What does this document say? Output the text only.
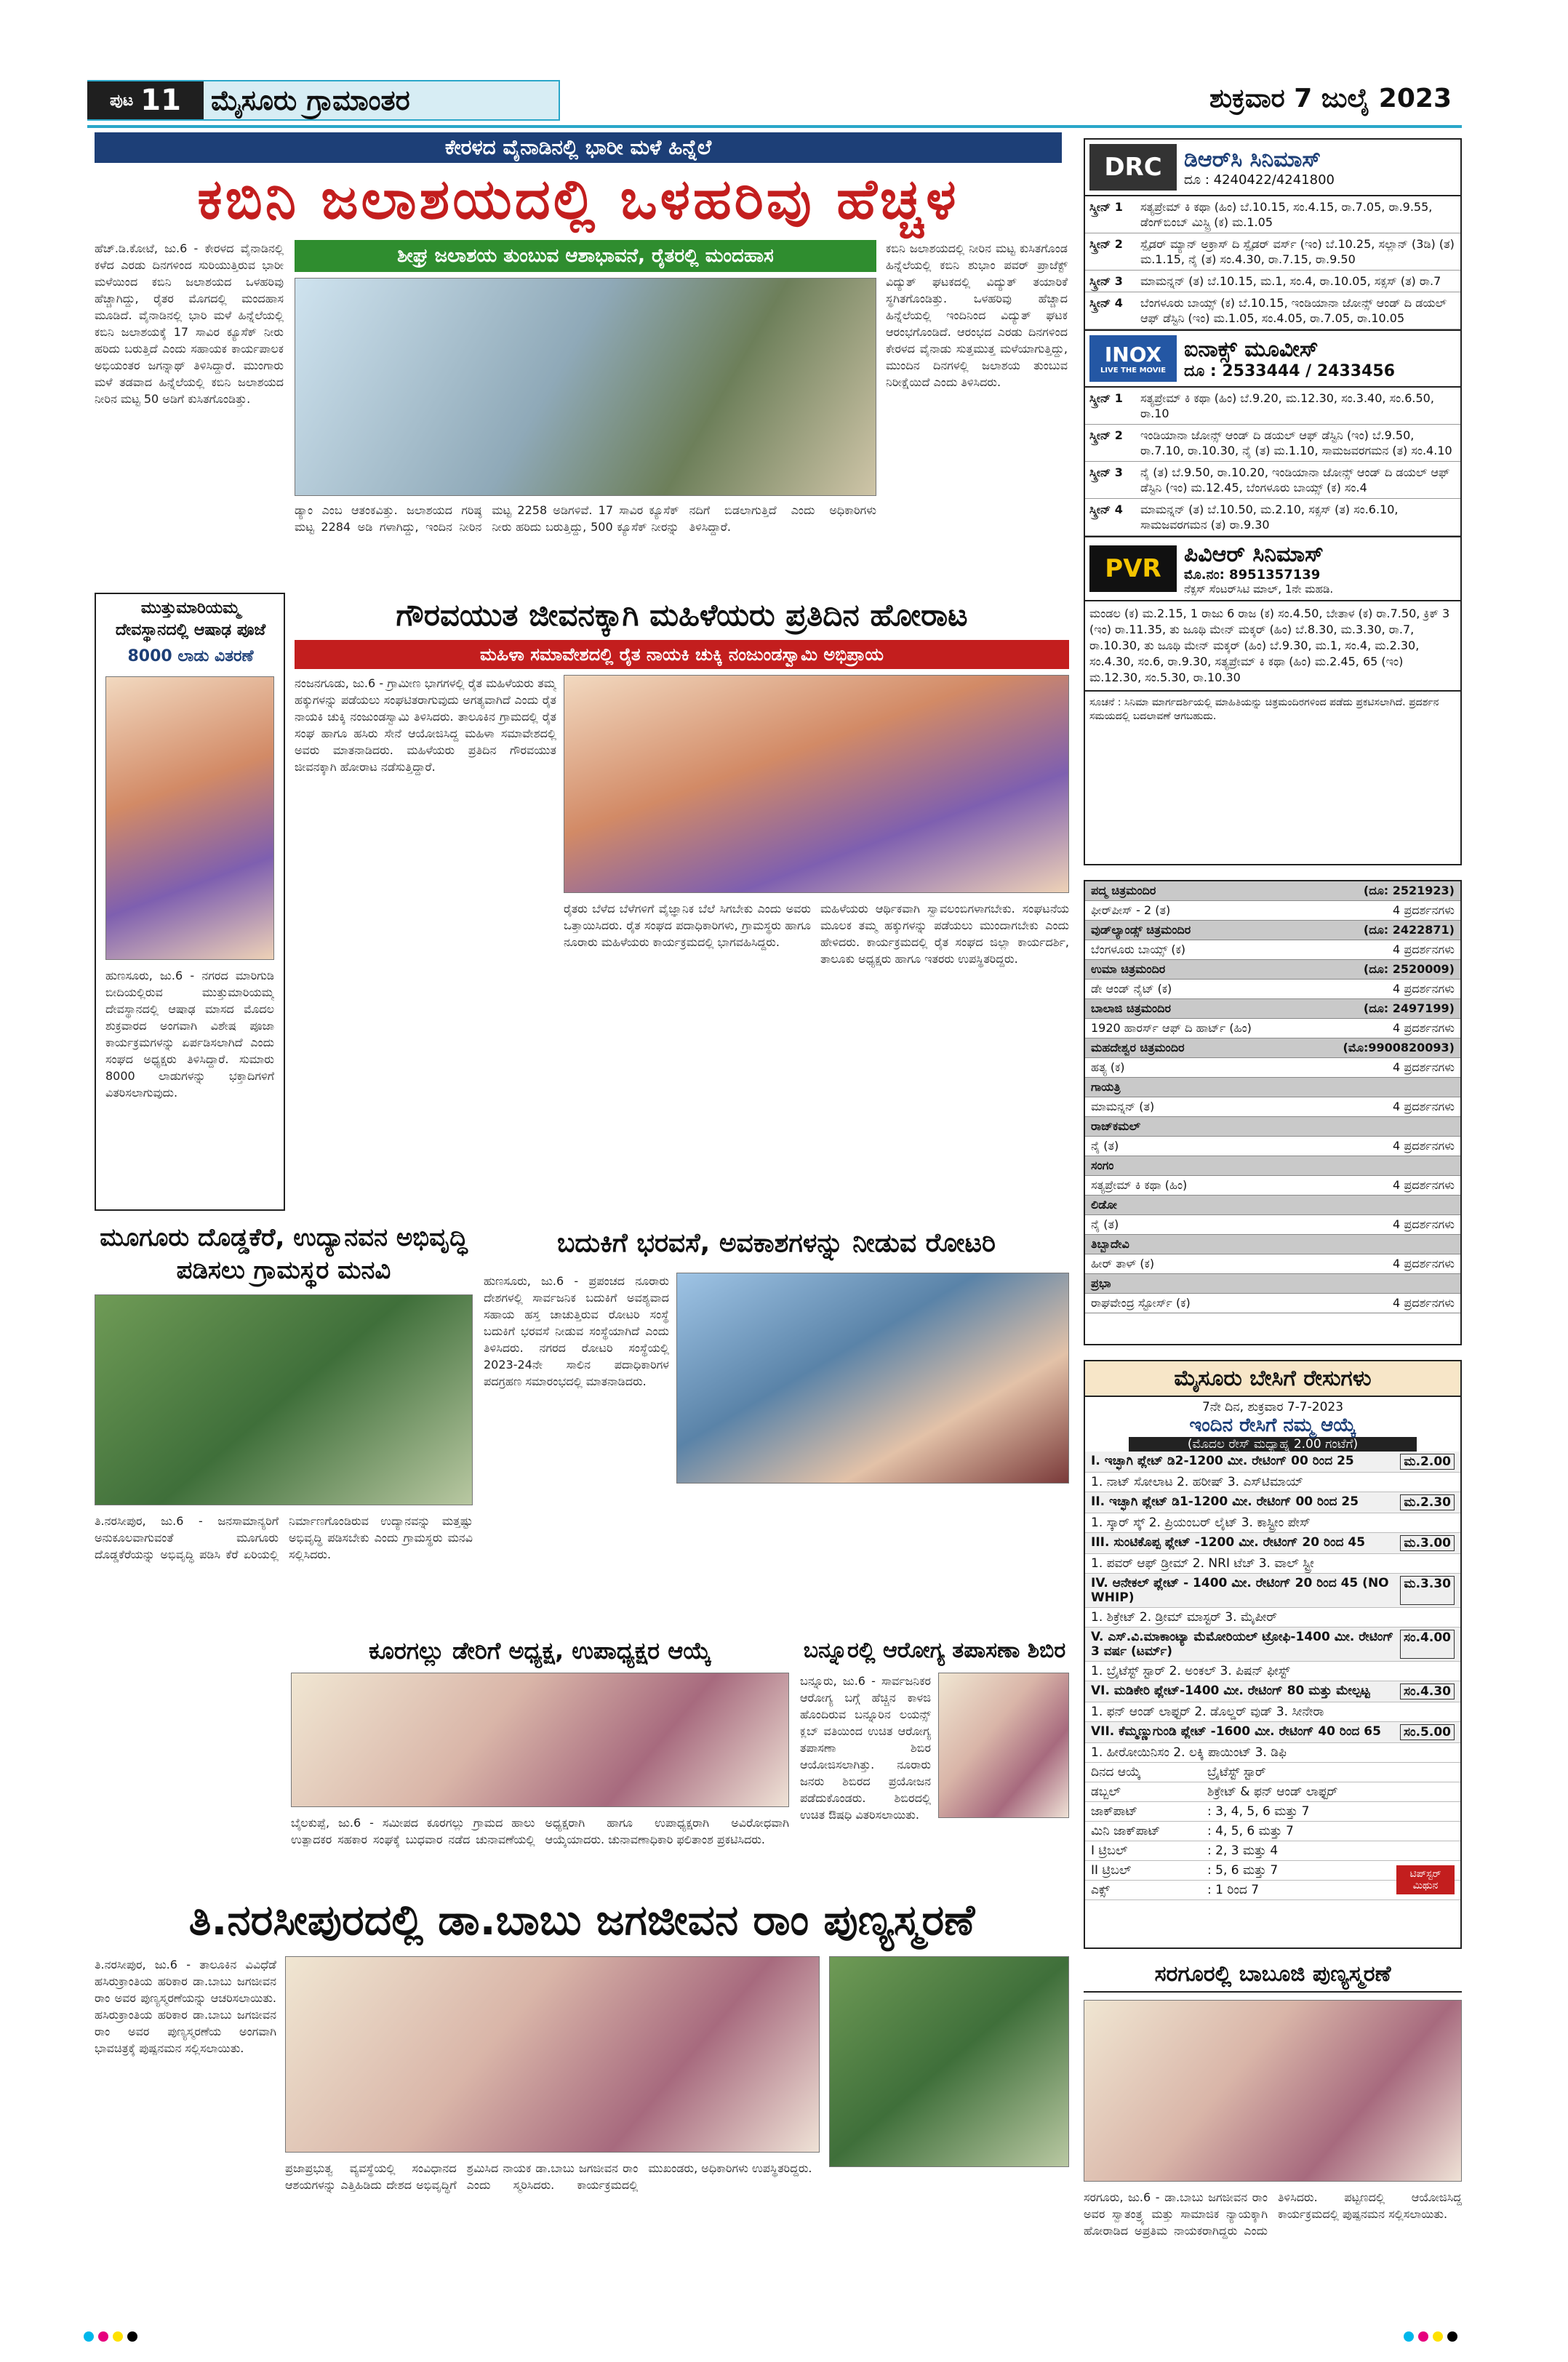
ಪುಟ 11 ಮೈಸೂರು ಗ್ರಾಮಾಂತರ	ಶುಕ್ರವಾರ 7 ಜುಲೈ 2023
ಕೇರಳದ ವೈನಾಡಿನಲ್ಲಿ ಭಾರೀ ಮಳೆ ಹಿನ್ನೆಲೆ
ಕಬಿನಿ ಜಲಾಶಯದಲ್ಲಿ ಒಳಹರಿವು ಹೆಚ್ಚಳ
ಹೆಚ್.ಡಿ.ಕೋಟೆ, ಜು.6 - ಕೇರಳದ ವೈನಾಡಿನಲ್ಲಿ ಕಳೆದ ಎರಡು ದಿನಗಳಿಂದ ಸುರಿಯುತ್ತಿರುವ ಭಾರೀ ಮಳೆಯಿಂದ ಕಬಿನಿ ಜಲಾಶಯದ ಒಳಹರಿವು ಹೆಚ್ಚಾಗಿದ್ದು, ರೈತರ ಮೊಗದಲ್ಲಿ ಮಂದಹಾಸ ಮೂಡಿದೆ. ವೈನಾಡಿನಲ್ಲಿ ಭಾರಿ ಮಳೆ ಹಿನ್ನೆಲೆಯಲ್ಲಿ ಕಬಿನಿ ಜಲಾಶಯಕ್ಕೆ 17 ಸಾವಿರ ಕ್ಯೂಸೆಕ್ ನೀರು ಹರಿದು ಬರುತ್ತಿದೆ ಎಂದು ಸಹಾಯಕ ಕಾರ್ಯಪಾಲಕ ಅಭಿಯಂತರ ಜಗನ್ನಾಥ್ ತಿಳಿಸಿದ್ದಾರೆ. ಮುಂಗಾರು ಮಳೆ ತಡವಾದ ಹಿನ್ನೆಲೆಯಲ್ಲಿ ಕಬಿನಿ ಜಲಾಶಯದ ನೀರಿನ ಮಟ್ಟ 50 ಅಡಿಗೆ ಕುಸಿತಗೊಂಡಿತ್ತು.
ಶೀಘ್ರ ಜಲಾಶಯ ತುಂಬುವ ಆಶಾಭಾವನೆ, ರೈತರಲ್ಲಿ ಮಂದಹಾಸ
ಡ್ಯಾಂ ಎಂಬ ಆತಂಕವಿತ್ತು. ಜಲಾಶಯದ ಗರಿಷ್ಠ ಮಟ್ಟ 2284 ಅಡಿ ಗಳಾಗಿದ್ದು, ಇಂದಿನ ನೀರಿನ ಮಟ್ಟ 2258 ಅಡಿಗಳಿವೆ. 17 ಸಾವಿರ ಕ್ಯೂಸೆಕ್ ನೀರು ಹರಿದು ಬರುತ್ತಿದ್ದು, 500 ಕ್ಯೂಸೆಕ್ ನೀರನ್ನು ನದಿಗೆ ಬಿಡಲಾಗುತ್ತಿದೆ ಎಂದು ಅಧಿಕಾರಿಗಳು ತಿಳಿಸಿದ್ದಾರೆ.
ಕಬಿನಿ ಜಲಾಶಯದಲ್ಲಿ ನೀರಿನ ಮಟ್ಟ ಕುಸಿತಗೊಂಡ ಹಿನ್ನೆಲೆಯಲ್ಲಿ ಕಬಿನಿ ಶುಭಾಂ ಪವರ್ ಪ್ರಾಜೆಕ್ಟ್ ವಿದ್ಯುತ್ ಘಟಕದಲ್ಲಿ ವಿದ್ಯುತ್ ತಯಾರಿಕೆ ಸ್ಥಗಿತಗೊಂಡಿತ್ತು. ಒಳಹರಿವು ಹೆಚ್ಚಾದ ಹಿನ್ನೆಲೆಯಲ್ಲಿ ಇಂದಿನಿಂದ ವಿದ್ಯುತ್ ಘಟಕ ಆರಂಭಗೊಂಡಿದೆ. ಆರಂಭದ ಎರಡು ದಿನಗಳಿಂದ ಕೇರಳದ ವೈನಾಡು ಸುತ್ತಮುತ್ತ ಮಳೆಯಾಗುತ್ತಿದ್ದು, ಮುಂದಿನ ದಿನಗಳಲ್ಲಿ ಜಲಾಶಯ ತುಂಬುವ ನಿರೀಕ್ಷೆಯಿದೆ ಎಂದು ತಿಳಿಸಿದರು.
ಮುತ್ತುಮಾರಿಯಮ್ಮ ದೇವಸ್ಥಾನದಲ್ಲಿ ಆಷಾಢ ಪೂಜೆ
8000 ಲಾಡು ವಿತರಣೆ
ಹುಣಸೂರು, ಜು.6 - ನಗರದ ಮಾರಿಗುಡಿ ಬೀದಿಯಲ್ಲಿರುವ ಮುತ್ತುಮಾರಿಯಮ್ಮ ದೇವಸ್ಥಾನದಲ್ಲಿ ಆಷಾಢ ಮಾಸದ ಮೊದಲ ಶುಕ್ರವಾರದ ಅಂಗವಾಗಿ ವಿಶೇಷ ಪೂಜಾ ಕಾರ್ಯಕ್ರಮಗಳನ್ನು ಏರ್ಪಡಿಸಲಾಗಿದೆ ಎಂದು ಸಂಘದ ಅಧ್ಯಕ್ಷರು ತಿಳಿಸಿದ್ದಾರೆ. ಸುಮಾರು 8000 ಲಾಡುಗಳನ್ನು ಭಕ್ತಾದಿಗಳಿಗೆ ವಿತರಿಸಲಾಗುವುದು.
ಗೌರವಯುತ ಜೀವನಕ್ಕಾಗಿ ಮಹಿಳೆಯರು ಪ್ರತಿದಿನ ಹೋರಾಟ
ಮಹಿಳಾ ಸಮಾವೇಶದಲ್ಲಿ ರೈತ ನಾಯಕಿ ಚುಕ್ಕಿ ನಂಜುಂಡಸ್ವಾಮಿ ಅಭಿಪ್ರಾಯ
ನಂಜನಗೂಡು, ಜು.6 - ಗ್ರಾಮೀಣ ಭಾಗಗಳಲ್ಲಿ ರೈತ ಮಹಿಳೆಯರು ತಮ್ಮ ಹಕ್ಕುಗಳನ್ನು ಪಡೆಯಲು ಸಂಘಟಿತರಾಗುವುದು ಅಗತ್ಯವಾಗಿದೆ ಎಂದು ರೈತ ನಾಯಕಿ ಚುಕ್ಕಿ ನಂಜುಂಡಸ್ವಾಮಿ ತಿಳಿಸಿದರು. ತಾಲೂಕಿನ ಗ್ರಾಮದಲ್ಲಿ ರೈತ ಸಂಘ ಹಾಗೂ ಹಸಿರು ಸೇನೆ ಆಯೋಜಿಸಿದ್ದ ಮಹಿಳಾ ಸಮಾವೇಶದಲ್ಲಿ ಅವರು ಮಾತನಾಡಿದರು. ಮಹಿಳೆಯರು ಪ್ರತಿದಿನ ಗೌರವಯುತ ಜೀವನಕ್ಕಾಗಿ ಹೋರಾಟ ನಡೆಸುತ್ತಿದ್ದಾರೆ.
ರೈತರು ಬೆಳೆದ ಬೆಳೆಗಳಿಗೆ ವೈಜ್ಞಾನಿಕ ಬೆಲೆ ಸಿಗಬೇಕು ಎಂದು ಅವರು ಒತ್ತಾಯಿಸಿದರು. ರೈತ ಸಂಘದ ಪದಾಧಿಕಾರಿಗಳು, ಗ್ರಾಮಸ್ಥರು ಹಾಗೂ ನೂರಾರು ಮಹಿಳೆಯರು ಕಾರ್ಯಕ್ರಮದಲ್ಲಿ ಭಾಗವಹಿಸಿದ್ದರು.
ಮಹಿಳೆಯರು ಆರ್ಥಿಕವಾಗಿ ಸ್ವಾವಲಂಬಿಗಳಾಗಬೇಕು. ಸಂಘಟನೆಯ ಮೂಲಕ ತಮ್ಮ ಹಕ್ಕುಗಳನ್ನು ಪಡೆಯಲು ಮುಂದಾಗಬೇಕು ಎಂದು ಹೇಳಿದರು. ಕಾರ್ಯಕ್ರಮದಲ್ಲಿ ರೈತ ಸಂಘದ ಜಿಲ್ಲಾ ಕಾರ್ಯದರ್ಶಿ, ತಾಲೂಕು ಅಧ್ಯಕ್ಷರು ಹಾಗೂ ಇತರರು ಉಪಸ್ಥಿತರಿದ್ದರು.
ಮೂಗೂರು ದೊಡ್ಡಕೆರೆ, ಉದ್ಯಾನವನ ಅಭಿವೃದ್ಧಿ ಪಡಿಸಲು ಗ್ರಾಮಸ್ಥರ ಮನವಿ
ತಿ.ನರಸೀಪುರ, ಜು.6 - ಜನಸಾಮಾನ್ಯರಿಗೆ ಅನುಕೂಲವಾಗುವಂತೆ ಮೂಗೂರು ದೊಡ್ಡಕೆರೆಯನ್ನು ಅಭಿವೃದ್ಧಿ ಪಡಿಸಿ ಕೆರೆ ಏರಿಯಲ್ಲಿ ನಿರ್ಮಾಣಗೊಂಡಿರುವ ಉದ್ಯಾನವನ್ನು ಮತ್ತಷ್ಟು ಅಭಿವೃದ್ಧಿ ಪಡಿಸಬೇಕು ಎಂದು ಗ್ರಾಮಸ್ಥರು ಮನವಿ ಸಲ್ಲಿಸಿದರು.
ಬದುಕಿಗೆ ಭರವಸೆ, ಅವಕಾಶಗಳನ್ನು ನೀಡುವ ರೋಟರಿ
ಹುಣಸೂರು, ಜು.6 - ಪ್ರಪಂಚದ ನೂರಾರು ದೇಶಗಳಲ್ಲಿ ಸಾರ್ವಜನಿಕ ಬದುಕಿಗೆ ಅವಶ್ಯವಾದ ಸಹಾಯ ಹಸ್ತ ಚಾಚುತ್ತಿರುವ ರೋಟರಿ ಸಂಸ್ಥೆ ಬದುಕಿಗೆ ಭರವಸೆ ನೀಡುವ ಸಂಸ್ಥೆಯಾಗಿದೆ ಎಂದು ತಿಳಿಸಿದರು. ನಗರದ ರೋಟರಿ ಸಂಸ್ಥೆಯಲ್ಲಿ 2023-24ನೇ ಸಾಲಿನ ಪದಾಧಿಕಾರಿಗಳ ಪದಗ್ರಹಣ ಸಮಾರಂಭದಲ್ಲಿ ಮಾತನಾಡಿದರು.
ಕೂರಗಲ್ಲು ಡೇರಿಗೆ ಅಧ್ಯಕ್ಷ, ಉಪಾಧ್ಯಕ್ಷರ ಆಯ್ಕೆ
ಬೈಲಕುಪ್ಪೆ, ಜು.6 - ಸಮೀಪದ ಕೂರಗಲ್ಲು ಗ್ರಾಮದ ಹಾಲು ಉತ್ಪಾದಕರ ಸಹಕಾರ ಸಂಘಕ್ಕೆ ಬುಧವಾರ ನಡೆದ ಚುನಾವಣೆಯಲ್ಲಿ ಅಧ್ಯಕ್ಷರಾಗಿ ಹಾಗೂ ಉಪಾಧ್ಯಕ್ಷರಾಗಿ ಅವಿರೋಧವಾಗಿ ಆಯ್ಕೆಯಾದರು. ಚುನಾವಣಾಧಿಕಾರಿ ಫಲಿತಾಂಶ ಪ್ರಕಟಿಸಿದರು.
ಬನ್ನೂರಲ್ಲಿ ಆರೋಗ್ಯ ತಪಾಸಣಾ ಶಿಬಿರ
ಬನ್ನೂರು, ಜು.6 - ಸಾರ್ವಜನಿಕರ ಆರೋಗ್ಯ ಬಗ್ಗೆ ಹೆಚ್ಚಿನ ಕಾಳಜಿ ಹೊಂದಿರುವ ಬನ್ನೂರಿನ ಲಯನ್ಸ್ ಕ್ಲಬ್ ವತಿಯಿಂದ ಉಚಿತ ಆರೋಗ್ಯ ತಪಾಸಣಾ ಶಿಬಿರ ಆಯೋಜಿಸಲಾಗಿತ್ತು. ನೂರಾರು ಜನರು ಶಿಬಿರದ ಪ್ರಯೋಜನ ಪಡೆದುಕೊಂಡರು. ಶಿಬಿರದಲ್ಲಿ ಉಚಿತ ಔಷಧಿ ವಿತರಿಸಲಾಯಿತು.
ತಿ.ನರಸೀಪುರದಲ್ಲಿ ಡಾ.ಬಾಬು ಜಗಜೀವನ ರಾಂ ಪುಣ್ಯಸ್ಮರಣೆ
ತಿ.ನರಸೀಪುರ, ಜು.6 - ತಾಲೂಕಿನ ವಿವಿಧೆಡೆ ಹಸಿರುಕ್ರಾಂತಿಯ ಹರಿಕಾರ ಡಾ.ಬಾಬು ಜಗಜೀವನ ರಾಂ ಅವರ ಪುಣ್ಯಸ್ಮರಣೆಯನ್ನು ಆಚರಿಸಲಾಯಿತು. ಹಸಿರುಕ್ರಾಂತಿಯ ಹರಿಕಾರ ಡಾ.ಬಾಬು ಜಗಜೀವನ ರಾಂ ಅವರ ಪುಣ್ಯಸ್ಮರಣೆಯ ಅಂಗವಾಗಿ ಭಾವಚಿತ್ರಕ್ಕೆ ಪುಷ್ಪನಮನ ಸಲ್ಲಿಸಲಾಯಿತು.
ಪ್ರಜಾಪ್ರಭುತ್ವ ವ್ಯವಸ್ಥೆಯಲ್ಲಿ ಸಂವಿಧಾನದ ಆಶಯಗಳನ್ನು ಎತ್ತಿಹಿಡಿದು ದೇಶದ ಅಭಿವೃದ್ಧಿಗೆ ಶ್ರಮಿಸಿದ ನಾಯಕ ಡಾ.ಬಾಬು ಜಗಜೀವನ ರಾಂ ಎಂದು ಸ್ಮರಿಸಿದರು. ಕಾರ್ಯಕ್ರಮದಲ್ಲಿ ಮುಖಂಡರು, ಅಧಿಕಾರಿಗಳು ಉಪಸ್ಥಿತರಿದ್ದರು.
ಸರಗೂರಲ್ಲಿ ಬಾಬೂಜಿ ಪುಣ್ಯಸ್ಮರಣೆ
ಸರಗೂರು, ಜು.6 - ಡಾ.ಬಾಬು ಜಗಜೀವನ ರಾಂ ಅವರ ಸ್ವಾತಂತ್ರ್ಯ ಮತ್ತು ಸಾಮಾಜಿಕ ನ್ಯಾಯಕ್ಕಾಗಿ ಹೋರಾಡಿದ ಅಪ್ರತಿಮ ನಾಯಕರಾಗಿದ್ದರು ಎಂದು ತಿಳಿಸಿದರು. ಪಟ್ಟಣದಲ್ಲಿ ಆಯೋಜಿಸಿದ್ದ ಕಾರ್ಯಕ್ರಮದಲ್ಲಿ ಪುಷ್ಪನಮನ ಸಲ್ಲಿಸಲಾಯಿತು.
DRC	ಡಿಆರ್‌ಸಿ ಸಿನಿಮಾಸ್
ದೂ : 4240422/4241800
ಸ್ಕ್ರೀನ್ 1	ಸತ್ಯಪ್ರೇಮ್ ಕಿ ಕಥಾ (ಹಿಂ) ಬೆ.10.15, ಸಂ.4.15, ರಾ.7.05, ರಾ.9.55, ಡೆಂಗ್‌ಬಿಂಬ್ ಮಿಸ್ಟ್ರಿ (ಕ) ಮ.1.05
ಸ್ಕ್ರೀನ್ 2	ಸ್ಪೈಡರ್ ಮ್ಯಾನ್ ಅಕ್ರಾಸ್ ದಿ ಸ್ಪೈಡರ್ ವರ್ಸ್ (ಇಂ) ಬೆ.10.25, ಸಲ್ಲಾನ್ (3ಡಿ) (ತ) ಮ.1.15, ನೈ (ತ) ಸಂ.4.30, ರಾ.7.15, ರಾ.9.50
ಸ್ಕ್ರೀನ್ 3	ಮಾಮನ್ನನ್ (ತ) ಬೆ.10.15, ಮ.1, ಸಂ.4, ರಾ.10.05, ಸಕ್ಸಸ್ (ತ) ರಾ.7
ಸ್ಕ್ರೀನ್ 4	ಬೆಂಗಳೂರು ಬಾಯ್ಸ್ (ಕ) ಬೆ.10.15, ಇಂಡಿಯಾನಾ ಜೋನ್ಸ್ ಆಂಡ್ ದಿ ಡಯಲ್ ಆಫ್ ಡೆಸ್ಟಿನಿ (ಇಂ) ಮ.1.05, ಸಂ.4.05, ರಾ.7.05, ರಾ.10.05
INOX
LIVE THE MOVIE
ಐನಾಕ್ಸ್ ಮೂವೀಸ್
ದೂ : 2533444 / 2433456
ಸ್ಕ್ರೀನ್ 1	ಸತ್ಯಪ್ರೇಮ್ ಕಿ ಕಥಾ (ಹಿಂ) ಬೆ.9.20, ಮ.12.30, ಸಂ.3.40, ಸಂ.6.50, ರಾ.10
ಸ್ಕ್ರೀನ್ 2	ಇಂಡಿಯಾನಾ ಜೋನ್ಸ್ ಆಂಡ್ ದಿ ಡಯಲ್ ಆಫ್ ಡೆಸ್ಟಿನಿ (ಇಂ) ಬೆ.9.50, ರಾ.7.10, ರಾ.10.30, ನೈ (ತ) ಮ.1.10, ಸಾಮಜವರಗಮನ (ತ) ಸಂ.4.10
ಸ್ಕ್ರೀನ್ 3	ನೈ (ತ) ಬೆ.9.50, ರಾ.10.20, ಇಂಡಿಯಾನಾ ಜೋನ್ಸ್ ಆಂಡ್ ದಿ ಡಯಲ್ ಆಫ್ ಡೆಸ್ಟಿನಿ (ಇಂ) ಮ.12.45, ಬೆಂಗಳೂರು ಬಾಯ್ಸ್ (ಕ) ಸಂ.4
ಸ್ಕ್ರೀನ್ 4	ಮಾಮನ್ನನ್ (ತ) ಬೆ.10.50, ಮ.2.10, ಸಕ್ಸಸ್ (ತ) ಸಂ.6.10, ಸಾಮಜವರಗಮನ (ತ) ರಾ.9.30
PVR	ಪಿವಿಆರ್ ಸಿನಿಮಾಸ್
ಮೊ.ನಂ: 8951357139
ನೆಕ್ಸಸ್ ಸೆಂಟರ್‌ಸಿಟಿ ಮಾಲ್, 1ನೇ ಮಹಡಿ.
ಮಂಡಲ (ಕ) ಮ.2.15, 1 ರಾಜು 6 ರಾಜ (ಕ) ಸಂ.4.50, ಬೇತಾಳ (ಕ) ರಾ.7.50, ಕ್ರಿಕ್ 3 (ಇಂ) ರಾ.11.35, ತು ಜೂಥಿ ಮೇನ್ ಮಕ್ಕರ್ (ಹಿಂ) ಬೆ.8.30, ಮ.3.30, ರಾ.7, ರಾ.10.30, ತು ಜೂಥಿ ಮೇನ್ ಮಕ್ಕರ್ (ಹಿಂ) ಬೆ.9.30, ಮ.1, ಸಂ.4, ಮ.2.30, ಸಂ.4.30, ಸಂ.6, ರಾ.9.30, ಸತ್ಯಪ್ರೇಮ್ ಕಿ ಕಥಾ (ಹಿಂ) ಮ.2.45, 65 (ಇಂ) ಮ.12.30, ಸಂ.5.30, ರಾ.10.30
ಸೂಚನೆ : ಸಿನಿಮಾ ಮಾರ್ಗದರ್ಶಿಯಲ್ಲಿ ಮಾಹಿತಿಯನ್ನು ಚಿತ್ರಮಂದಿರಗಳಿಂದ ಪಡೆದು ಪ್ರಕಟಿಸಲಾಗಿದೆ. ಪ್ರದರ್ಶನ ಸಮಯದಲ್ಲಿ ಬದಲಾವಣೆ ಆಗಬಹುದು.
ಪದ್ಮ ಚಿತ್ರಮಂದಿರ	(ದೂ: 2521923)
ಫೀರ್‌ಪೀಸ್ - 2 (ತ)	4 ಪ್ರದರ್ಶನಗಳು
ವುಡ್‌ಲ್ಯಾಂಡ್ಸ್ ಚಿತ್ರಮಂದಿರ	(ದೂ: 2422871)
ಬೆಂಗಳೂರು ಬಾಯ್ಸ್ (ಕ)	4 ಪ್ರದರ್ಶನಗಳು
ಉಮಾ ಚಿತ್ರಮಂದಿರ	(ದೂ: 2520009)
ಡೇ ಆಂಡ್ ನೈಟ್ (ಕ)	4 ಪ್ರದರ್ಶನಗಳು
ಬಾಲಾಜಿ ಚಿತ್ರಮಂದಿರ	(ದೂ: 2497199)
1920 ಹಾರರ್ಸ್ ಆಫ್ ದಿ ಹಾರ್ಟ್ (ಹಿಂ)	4 ಪ್ರದರ್ಶನಗಳು
ಮಹದೇಶ್ವರ ಚಿತ್ರಮಂದಿರ	(ಮೊ:9900820093)
ಹತ್ಯ (ಕ)	4 ಪ್ರದರ್ಶನಗಳು
ಗಾಯತ್ರಿ
ಮಾಮನ್ನನ್ (ತ)	4 ಪ್ರದರ್ಶನಗಳು
ರಾಜ್‌ಕಮಲ್
ನೈ (ತ)	4 ಪ್ರದರ್ಶನಗಳು
ಸಂಗಂ
ಸತ್ಯಪ್ರೇಮ್ ಕಿ ಕಥಾ (ಹಿಂ)	4 ಪ್ರದರ್ಶನಗಳು
ಲಿಡೋ
ನೈ (ತ)	4 ಪ್ರದರ್ಶನಗಳು
ತಿಬ್ಬಾದೇವಿ
ಹೀರ್ ತಾಳ್ (ಕ)	4 ಪ್ರದರ್ಶನಗಳು
ಪ್ರಭಾ
ರಾಘವೇಂದ್ರ ಸ್ಟೋರ್ಸ್ (ಕ)	4 ಪ್ರದರ್ಶನಗಳು
ಮೈಸೂರು ಬೇಸಿಗೆ ರೇಸುಗಳು
7ನೇ ದಿನ, ಶುಕ್ರವಾರ 7-7-2023
ಇಂದಿನ ರೇಸಿಗೆ ನಮ್ಮ ಆಯ್ಕೆ
(ಮೊದಲ ರೇಸ್ ಮಧ್ಯಾಹ್ನ 2.00 ಗಂಟೆಗೆ)
I. ಇಚ್ಛಾಗಿ ಪ್ಲೇಟ್ ಡಿ2-1200 ಮೀ. ರೇಟಿಂಗ್ 00 ರಿಂದ 25	ಮ.2.00
1. ನಾಟ್ ಸೋಲಾಟ 2. ಹರೀಷ್ 3. ಎಸ್‌ಟಿಮಾಯ್
II. ಇಚ್ಛಾಗಿ ಪ್ಲೇಟ್ ಡಿ1-1200 ಮೀ. ರೇಟಿಂಗ್ 00 ರಿಂದ 25	ಮ.2.30
1. ಸ್ಕಾರ್ ಸ್ಕ್ 2. ಪ್ರಿಯಂಬರ್ ಲೈಟ್ 3. ಕಾಸ್ಟ್ರೀಂ ಪೇಸ್
III. ಸುಂಟಿಕೊಪ್ಪ ಪ್ಲೇಟ್ -1200 ಮೀ. ರೇಟಿಂಗ್ 20 ರಿಂದ 45	ಮ.3.00
1. ಪವರ್ ಆಫ್ ಡ್ರೀಮ್ 2. NRI ಟೆಚ್ 3. ವಾಲ್ ಸ್ಟ್ರೀ
IV. ಆನೇಕಲ್ ಪ್ಲೇಟ್ - 1400 ಮೀ. ರೇಟಿಂಗ್ 20 ರಿಂದ 45 (NO WHIP)
ಮ.3.30
1. ಶಿಕ್ರೇಟ್ 2. ಡ್ರೀಮ್ ಮಾಸ್ಟರ್ 3. ಮೈಪೀರ್
V. ಎಸ್.ವಿ.ಮಾಕಾಂಟ್ಯಾ ಮೆಮೋರಿಯಲ್ ಟ್ರೋಫಿ-1400 ಮೀ. ರೇಟಿಂಗ್ 3 ವರ್ಷ (ಟರ್ಮ್)
ಸಂ.4.00
1. ಬ್ರೈಟೆಸ್ಟ್ ಸ್ಟಾರ್ 2. ಅಂಕಲ್ 3. ಪಿಷನ್ ಫೀಸ್ಟ್
VI. ಮಡಿಕೇರಿ ಪ್ಲೇಟ್-1400 ಮೀ. ರೇಟಿಂಗ್ 80 ಮತ್ತು ಮೇಲ್ಪಟ್ಟ	ಸಂ.4.30
1. ಫನ್ ಆಂಡ್ ಲಾಫ್ಟರ್ 2. ಡೊಲ್ಡರ್ ವುಡ್ 3. ಸೀನೇರಾ
VII. ಕೆಮ್ಮಣ್ಣುಗುಂಡಿ ಪ್ಲೇಟ್ -1600 ಮೀ. ರೇಟಿಂಗ್ 40 ರಿಂದ 65 ಸಂ.5.00
1. ಹೀರೋಯಿನಿಸಂ 2. ಲಕ್ಕಿ ಪಾಯಿಂಟ್ 3. ಡಿಫಿ
ದಿನದ ಆಯ್ಕೆ	ಬ್ರೈಟೆಸ್ಟ್ ಸ್ಟಾರ್
ಡಬ್ಬಲ್	ಶಿಕ್ರೇಟ್ & ಫನ್ ಆಂಡ್ ಲಾಫ್ಟರ್
ಜಾಕ್‌ಪಾಟ್	: 3, 4, 5, 6 ಮತ್ತು 7
ಮಿನಿ ಜಾಕ್‌ಪಾಟ್	: 4, 5, 6 ಮತ್ತು 7
I ಟ್ರಿಬಲ್	: 2, 3 ಮತ್ತು 4
II ಟ್ರಿಬಲ್	: 5, 6 ಮತ್ತು 7
ಎಕ್ಸ್	: 1 ರಿಂದ 7
ಟಿಪ್‌ಸ್ಟರ್ ಮಿಥುನ
